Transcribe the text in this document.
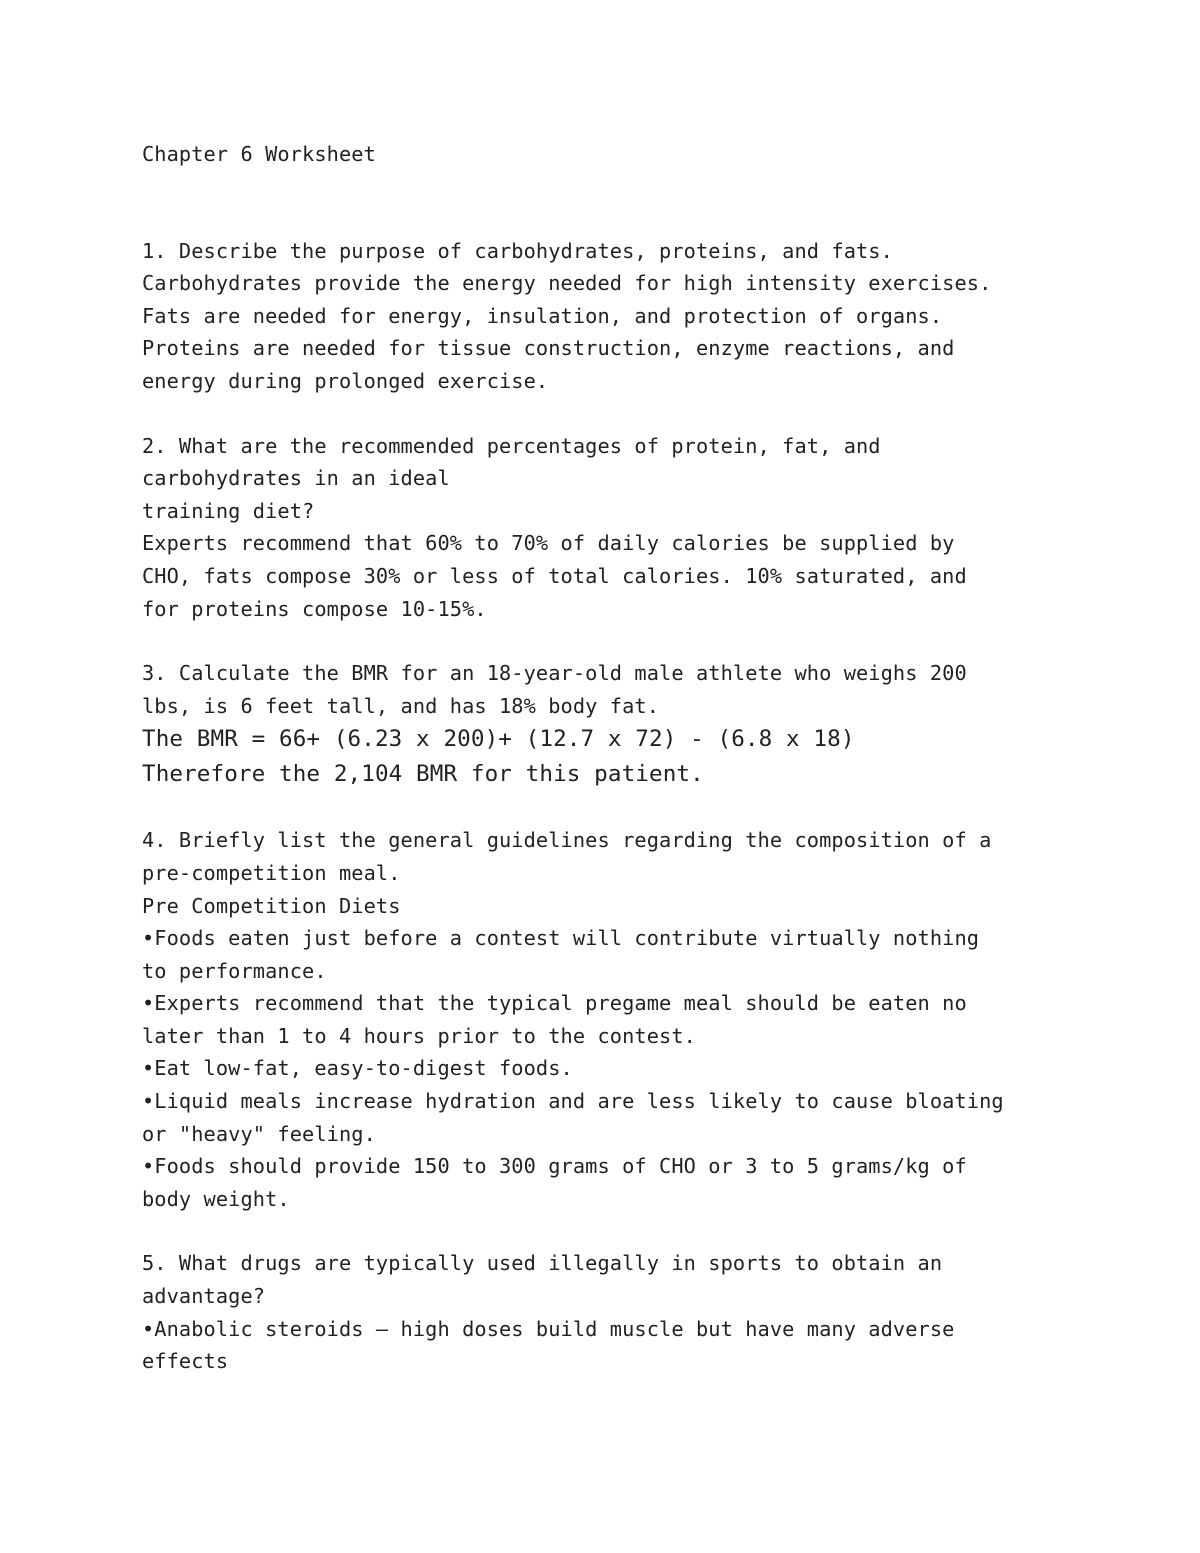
Chapter 6 Worksheet
1. Describe the purpose of carbohydrates, proteins, and fats.
Carbohydrates provide the energy needed for high intensity exercises.
Fats are needed for energy, insulation, and protection of organs.
Proteins are needed for tissue construction, enzyme reactions, and
energy during prolonged exercise.
2. What are the recommended percentages of protein, fat, and
carbohydrates in an ideal
training diet?
Experts recommend that 60% to 70% of daily calories be supplied by
CHO, fats compose 30% or less of total calories. 10% saturated, and
for proteins compose 10-15%.
3. Calculate the BMR for an 18-year-old male athlete who weighs 200
lbs, is 6 feet tall, and has 18% body fat.
The BMR = 66+ (6.23 x 200)+ (12.7 x 72) - (6.8 x 18)
Therefore the 2,104 BMR for this patient.
4. Briefly list the general guidelines regarding the composition of a
pre-competition meal.
Pre Competition Diets
•Foods eaten just before a contest will contribute virtually nothing
to performance.
•Experts recommend that the typical pregame meal should be eaten no
later than 1 to 4 hours prior to the contest.
•Eat low-fat, easy-to-digest foods.
•Liquid meals increase hydration and are less likely to cause bloating
or "heavy" feeling.
•Foods should provide 150 to 300 grams of CHO or 3 to 5 grams/kg of
body weight.
5. What drugs are typically used illegally in sports to obtain an
advantage?
•Anabolic steroids – high doses build muscle but have many adverse
effects
